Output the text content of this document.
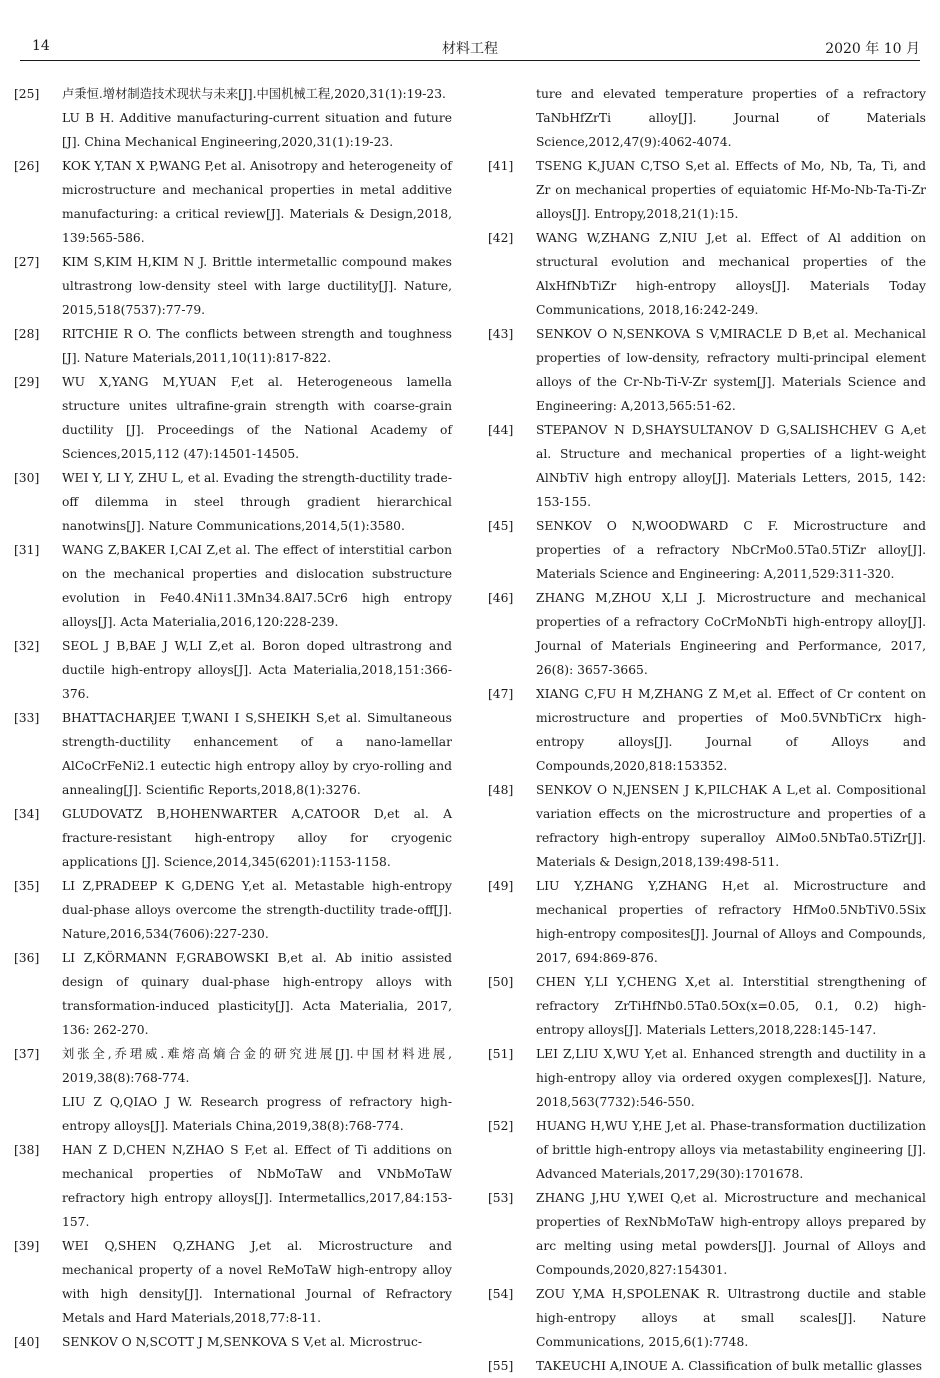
14	材料工程	2020 年 10 月
[25] 卢秉恒.增材制造技术现状与未来[J].中国机械工程,2020,31(1):19-23.
LU B H. Additive manufacturing-current situation and future [J]. China Mechanical Engineering,2020,31(1):19-23.
[26] KOK Y,TAN X P,WANG P,et al. Anisotropy and heterogeneity of microstructure and mechanical properties in metal additive manufacturing: a critical review[J]. Materials & Design,2018, 139:565-586.
[27] KIM S,KIM H,KIM N J. Brittle intermetallic compound makes ultrastrong low-density steel with large ductility[J]. Nature, 2015,518(7537):77-79.
[28] RITCHIE R O. The conflicts between strength and toughness [J]. Nature Materials,2011,10(11):817-822.
[29] WU X,YANG M,YUAN F,et al. Heterogeneous lamella structure unites ultrafine-grain strength with coarse-grain ductility [J]. Proceedings of the National Academy of Sciences,2015,112 (47):14501-14505.
[30] WEI Y, LI Y, ZHU L, et al. Evading the strength-ductility trade-off dilemma in steel through gradient hierarchical nanotwins[J]. Nature Communications,2014,5(1):3580.
[31] WANG Z,BAKER I,CAI Z,et al. The effect of interstitial carbon on the mechanical properties and dislocation substructure evolution in Fe40.4Ni11.3Mn34.8Al7.5Cr6 high entropy alloys[J]. Acta Materialia,2016,120:228-239.
[32] SEOL J B,BAE J W,LI Z,et al. Boron doped ultrastrong and ductile high-entropy alloys[J]. Acta Materialia,2018,151:366-376.
[33] BHATTACHARJEE T,WANI I S,SHEIKH S,et al. Simultaneous strength-ductility enhancement of a nano-lamellar AlCoCrFeNi2.1 eutectic high entropy alloy by cryo-rolling and annealing[J]. Scientific Reports,2018,8(1):3276.
[34] GLUDOVATZ B,HOHENWARTER A,CATOOR D,et al. A fracture-resistant high-entropy alloy for cryogenic applications [J]. Science,2014,345(6201):1153-1158.
[35] LI Z,PRADEEP K G,DENG Y,et al. Metastable high-entropy dual-phase alloys overcome the strength-ductility trade-off[J]. Nature,2016,534(7606):227-230.
[36] LI Z,KÖRMANN F,GRABOWSKI B,et al. Ab initio assisted design of quinary dual-phase high-entropy alloys with transformation-induced plasticity[J]. Acta Materialia, 2017, 136: 262-270.
[37] 刘张全,乔珺威.难熔高熵合金的研究进展[J].中国材料进展, 2019,38(8):768-774.
LIU Z Q,QIAO J W. Research progress of refractory high-entropy alloys[J]. Materials China,2019,38(8):768-774.
[38] HAN Z D,CHEN N,ZHAO S F,et al. Effect of Ti additions on mechanical properties of NbMoTaW and VNbMoTaW refractory high entropy alloys[J]. Intermetallics,2017,84:153-157.
[39] WEI Q,SHEN Q,ZHANG J,et al. Microstructure and mechanical property of a novel ReMoTaW high-entropy alloy with high density[J]. International Journal of Refractory Metals and Hard Materials,2018,77:8-11.
[40] SENKOV O N,SCOTT J M,SENKOVA S V,et al. Microstruc-
ture and elevated temperature properties of a refractory TaNbHfZrTi alloy[J]. Journal of Materials Science,2012,47(9):4062-4074.
[41] TSENG K,JUAN C,TSO S,et al. Effects of Mo, Nb, Ta, Ti, and Zr on mechanical properties of equiatomic Hf-Mo-Nb-Ta-Ti-Zr alloys[J]. Entropy,2018,21(1):15.
[42] WANG W,ZHANG Z,NIU J,et al. Effect of Al addition on structural evolution and mechanical properties of the AlxHfNbTiZr high-entropy alloys[J]. Materials Today Communications, 2018,16:242-249.
[43] SENKOV O N,SENKOVA S V,MIRACLE D B,et al. Mechanical properties of low-density, refractory multi-principal element alloys of the Cr-Nb-Ti-V-Zr system[J]. Materials Science and Engineering: A,2013,565:51-62.
[44] STEPANOV N D,SHAYSULTANOV D G,SALISHCHEV G A,et al. Structure and mechanical properties of a light-weight AlNbTiV high entropy alloy[J]. Materials Letters, 2015, 142: 153-155.
[45] SENKOV O N,WOODWARD C F. Microstructure and properties of a refractory NbCrMo0.5Ta0.5TiZr alloy[J]. Materials Science and Engineering: A,2011,529:311-320.
[46] ZHANG M,ZHOU X,LI J. Microstructure and mechanical properties of a refractory CoCrMoNbTi high-entropy alloy[J]. Journal of Materials Engineering and Performance, 2017, 26(8): 3657-3665.
[47] XIANG C,FU H M,ZHANG Z M,et al. Effect of Cr content on microstructure and properties of Mo0.5VNbTiCrx high-entropy alloys[J]. Journal of Alloys and Compounds,2020,818:153352.
[48] SENKOV O N,JENSEN J K,PILCHAK A L,et al. Compositional variation effects on the microstructure and properties of a refractory high-entropy superalloy AlMo0.5NbTa0.5TiZr[J]. Materials & Design,2018,139:498-511.
[49] LIU Y,ZHANG Y,ZHANG H,et al. Microstructure and mechanical properties of refractory HfMo0.5NbTiV0.5Six high-entropy composites[J]. Journal of Alloys and Compounds, 2017, 694:869-876.
[50] CHEN Y,LI Y,CHENG X,et al. Interstitial strengthening of refractory ZrTiHfNb0.5Ta0.5Ox(x=0.05, 0.1, 0.2) high-entropy alloys[J]. Materials Letters,2018,228:145-147.
[51] LEI Z,LIU X,WU Y,et al. Enhanced strength and ductility in a high-entropy alloy via ordered oxygen complexes[J]. Nature, 2018,563(7732):546-550.
[52] HUANG H,WU Y,HE J,et al. Phase-transformation ductilization of brittle high-entropy alloys via metastability engineering [J]. Advanced Materials,2017,29(30):1701678.
[53] ZHANG J,HU Y,WEI Q,et al. Microstructure and mechanical properties of RexNbMoTaW high-entropy alloys prepared by arc melting using metal powders[J]. Journal of Alloys and Compounds,2020,827:154301.
[54] ZOU Y,MA H,SPOLENAK R. Ultrastrong ductile and stable high-entropy alloys at small scales[J]. Nature Communications, 2015,6(1):7748.
[55] TAKEUCHI A,INOUE A. Classification of bulk metallic glasses
